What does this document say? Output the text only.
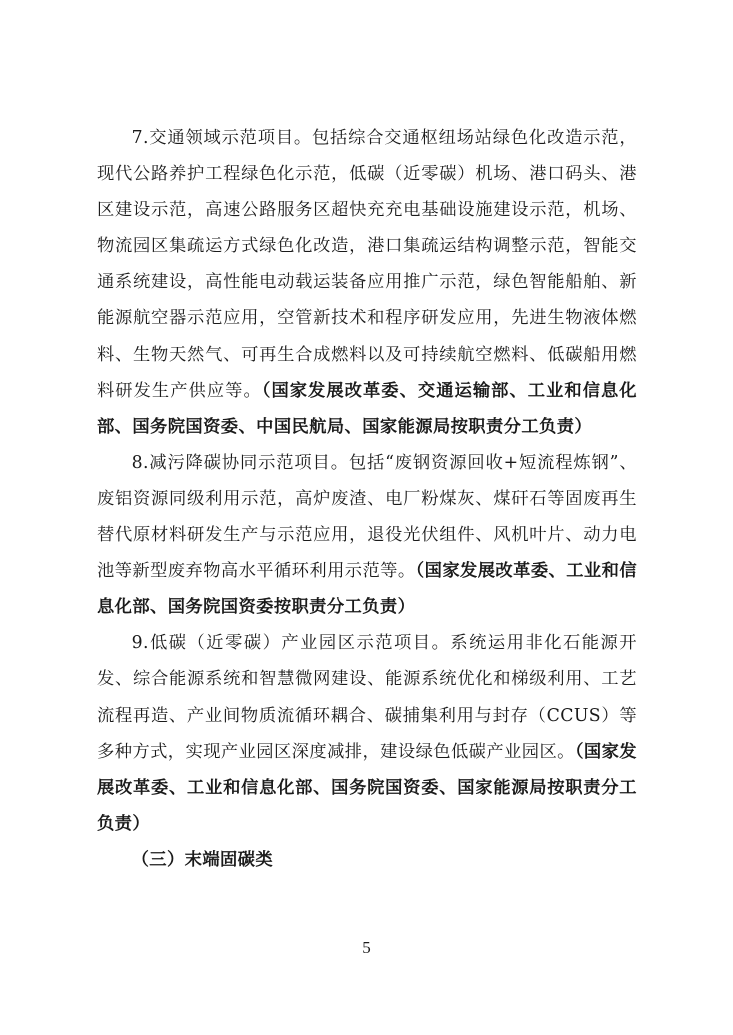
7.交通领域示范项目。包括综合交通枢纽场站绿色化改造示范，现代公路养护工程绿色化示范，低碳（近零碳）机场、港口码头、港区建设示范，高速公路服务区超快充充电基础设施建设示范，机场、物流园区集疏运方式绿色化改造，港口集疏运结构调整示范，智能交通系统建设，高性能电动载运装备应用推广示范，绿色智能船舶、新能源航空器示范应用，空管新技术和程序研发应用，先进生物液体燃料、生物天然气、可再生合成燃料以及可持续航空燃料、低碳船用燃料研发生产供应等。（国家发展改革委、交通运输部、工业和信息化部、国务院国资委、中国民航局、国家能源局按职责分工负责）

8.减污降碳协同示范项目。包括“废钢资源回收+短流程炼钢”、废铝资源同级利用示范，高炉废渣、电厂粉煤灰、煤矸石等固废再生替代原材料研发生产与示范应用，退役光伏组件、风机叶片、动力电池等新型废弃物高水平循环利用示范等。（国家发展改革委、工业和信息化部、国务院国资委按职责分工负责）

9.低碳（近零碳）产业园区示范项目。系统运用非化石能源开发、综合能源系统和智慧微网建设、能源系统优化和梯级利用、工艺流程再造、产业间物质流循环耦合、碳捕集利用与封存（CCUS）等多种方式，实现产业园区深度减排，建设绿色低碳产业园区。（国家发展改革委、工业和信息化部、国务院国资委、国家能源局按职责分工负责）

（三）末端固碳类

5
